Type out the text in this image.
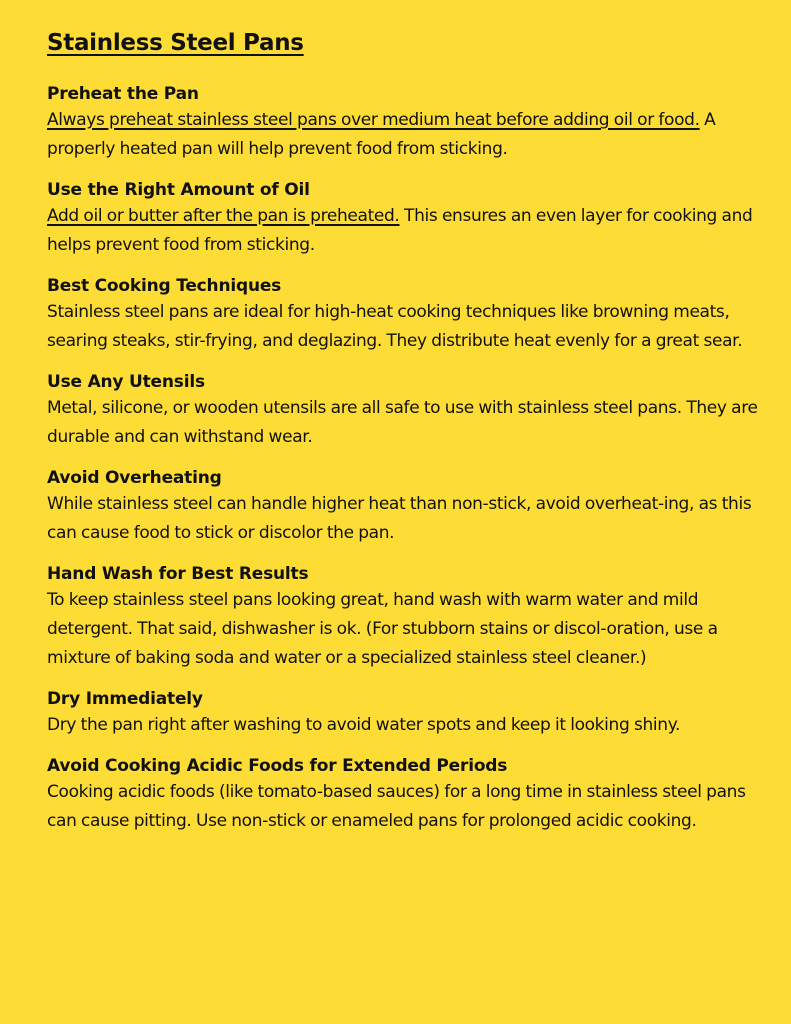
Stainless Steel Pans

Preheat the Pan

Always preheat stainless steel pans over medium heat before adding oil or food. A properly heated pan will help prevent food from sticking.

Use the Right Amount of Oil

Add oil or butter after the pan is preheated. This ensures an even layer for cooking and helps prevent food from sticking.

Best Cooking Techniques

Stainless steel pans are ideal for high-heat cooking techniques like browning meats, searing steaks, stir-frying, and deglazing. They distribute heat evenly for a great sear.

Use Any Utensils

Metal, silicone, or wooden utensils are all safe to use with stainless steel pans. They are durable and can withstand wear.

Avoid Overheating

While stainless steel can handle higher heat than non-stick, avoid overheat-ing, as this can cause food to stick or discolor the pan.

Hand Wash for Best Results

To keep stainless steel pans looking great, hand wash with warm water and mild detergent. That said, dishwasher is ok. (For stubborn stains or discol-oration, use a mixture of baking soda and water or a specialized stainless steel cleaner.)

Dry Immediately

Dry the pan right after washing to avoid water spots and keep it looking shiny.

Avoid Cooking Acidic Foods for Extended Periods

Cooking acidic foods (like tomato-based sauces) for a long time in stainless steel pans can cause pitting. Use non-stick or enameled pans for prolonged acidic cooking.
